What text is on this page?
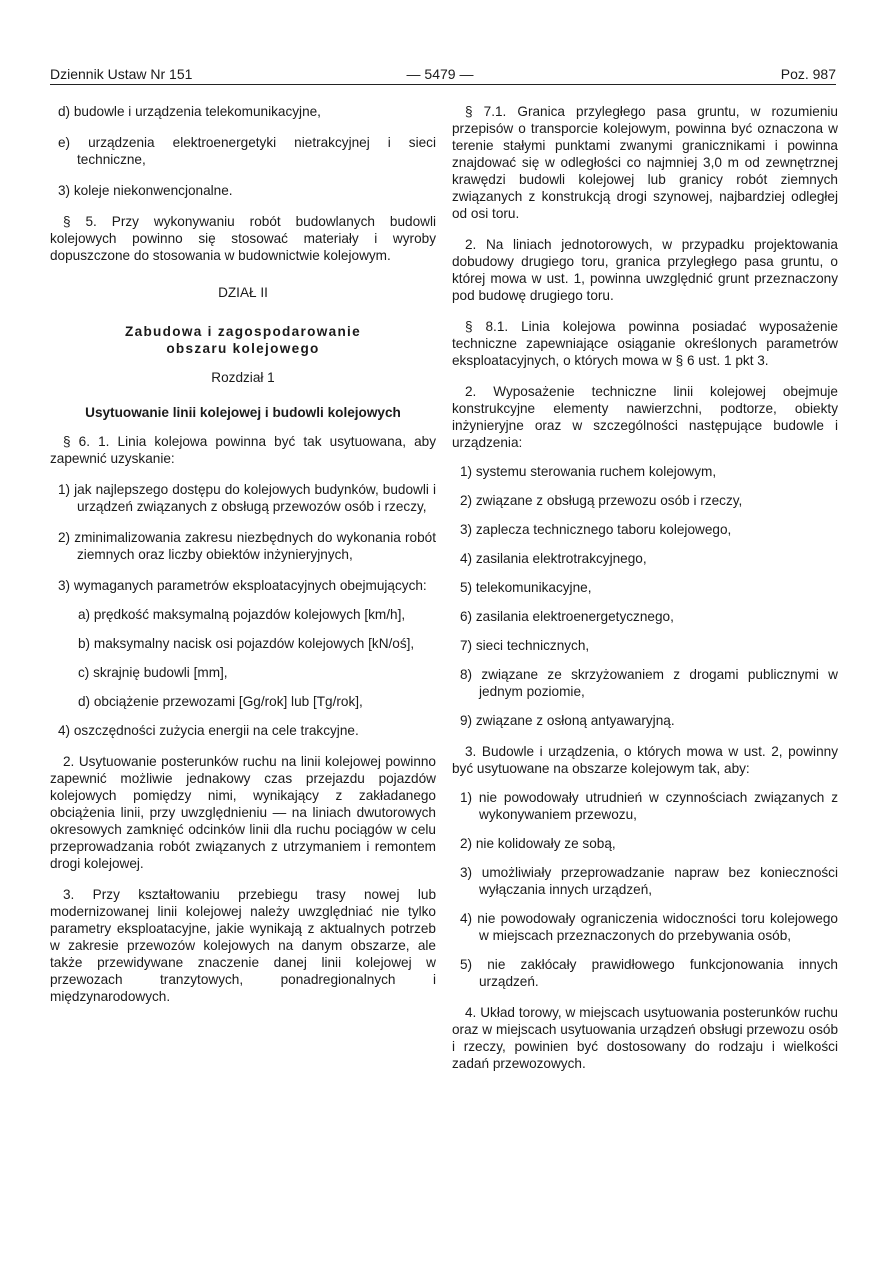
Dziennik Ustaw Nr 151	— 5479 —	Poz. 987

d) budowle i urządzenia telekomunikacyjne,

e) urządzenia elektroenergetyki nietrakcyjnej i sieci techniczne,

3) koleje niekonwencjonalne.

§ 5. Przy wykonywaniu robót budowlanych budowli kolejowych powinno się stosować materiały i wyroby dopuszczone do stosowania w budownictwie kolejowym.

DZIAŁ II

Zabudowa i zagospodarowanie

obszaru kolejowego

Rozdział 1

Usytuowanie linii kolejowej i budowli kolejowych

§ 6. 1. Linia kolejowa powinna być tak usytuowana, aby zapewnić uzyskanie:

1) jak najlepszego dostępu do kolejowych budynków, budowli i urządzeń związanych z obsługą przewozów osób i rzeczy,

2) zminimalizowania zakresu niezbędnych do wykonania robót ziemnych oraz liczby obiektów inżynieryjnych,

3) wymaganych parametrów eksploatacyjnych obejmujących:

a) prędkość maksymalną pojazdów kolejowych [km/h],

b) maksymalny nacisk osi pojazdów kolejowych [kN/oś],

c) skrajnię budowli [mm],

d) obciążenie przewozami [Gg/rok] lub [Tg/rok],

4) oszczędności zużycia energii na cele trakcyjne.

2. Usytuowanie posterunków ruchu na linii kolejowej powinno zapewnić możliwie jednakowy czas przejazdu pojazdów kolejowych pomiędzy nimi, wynikający z zakładanego obciążenia linii, przy uwzględnieniu — na liniach dwutorowych okresowych zamknięć odcinków linii dla ruchu pociągów w celu przeprowadzania robót związanych z utrzymaniem i remontem drogi kolejowej.

3. Przy kształtowaniu przebiegu trasy nowej lub modernizowanej linii kolejowej należy uwzględniać nie tylko parametry eksploatacyjne, jakie wynikają z aktualnych potrzeb w zakresie przewozów kolejowych na danym obszarze, ale także przewidywane znaczenie danej linii kolejowej w przewozach tranzytowych, ponadregionalnych i międzynarodowych.

§ 7.1. Granica przyległego pasa gruntu, w rozumieniu przepisów o transporcie kolejowym, powinna być oznaczona w terenie stałymi punktami zwanymi granicznikami i powinna znajdować się w odległości co najmniej 3,0 m od zewnętrznej krawędzi budowli kolejowej lub granicy robót ziemnych związanych z konstrukcją drogi szynowej, najbardziej odległej od osi toru.

2. Na liniach jednotorowych, w przypadku projektowania dobudowy drugiego toru, granica przyległego pasa gruntu, o której mowa w ust. 1, powinna uwzględnić grunt przeznaczony pod budowę drugiego toru.

§ 8.1. Linia kolejowa powinna posiadać wyposażenie techniczne zapewniające osiąganie określonych parametrów eksploatacyjnych, o których mowa w § 6 ust. 1 pkt 3.

2. Wyposażenie techniczne linii kolejowej obejmuje konstrukcyjne elementy nawierzchni, podtorze, obiekty inżynieryjne oraz w szczególności następujące budowle i urządzenia:

1) systemu sterowania ruchem kolejowym,

2) związane z obsługą przewozu osób i rzeczy,

3) zaplecza technicznego taboru kolejowego,

4) zasilania elektrotrakcyjnego,

5) telekomunikacyjne,

6) zasilania elektroenergetycznego,

7) sieci technicznych,

8) związane ze skrzyżowaniem z drogami publicznymi w jednym poziomie,

9) związane z osłoną antyawaryjną.

3. Budowle i urządzenia, o których mowa w ust. 2, powinny być usytuowane na obszarze kolejowym tak, aby:

1) nie powodowały utrudnień w czynnościach związanych z wykonywaniem przewozu,

2) nie kolidowały ze sobą,

3) umożliwiały przeprowadzanie napraw bez konieczności wyłączania innych urządzeń,

4) nie powodowały ograniczenia widoczności toru kolejowego w miejscach przeznaczonych do przebywania osób,

5) nie zakłócały prawidłowego funkcjonowania innych urządzeń.

4. Układ torowy, w miejscach usytuowania posterunków ruchu oraz w miejscach usytuowania urządzeń obsługi przewozu osób i rzeczy, powinien być dostosowany do rodzaju i wielkości zadań przewozowych.
